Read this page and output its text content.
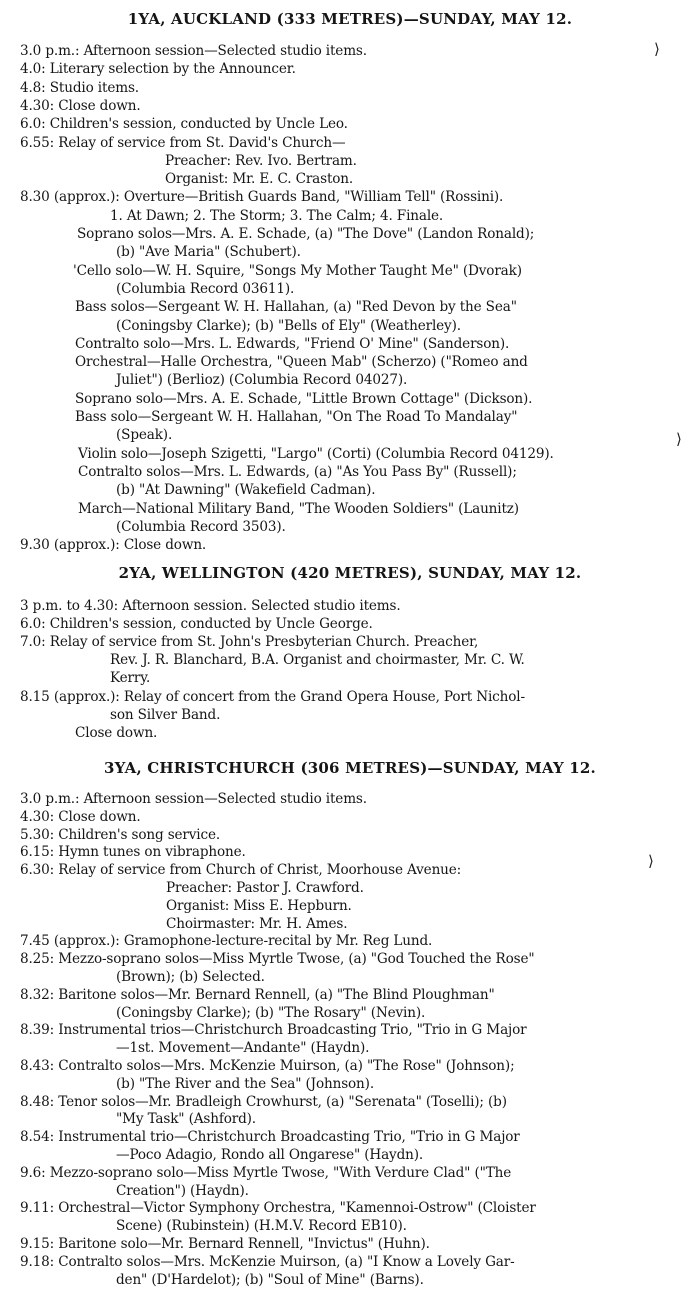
1YA, AUCKLAND (333 METRES)—SUNDAY, MAY 12.
2YA, WELLINGTON (420 METRES), SUNDAY, MAY 12.
3YA, CHRISTCHURCH (306 METRES)—SUNDAY, MAY 12.
3.0 p.m.: Afternoon session—Selected studio items.
4.0: Literary selection by the Announcer.
4.8: Studio items.
4.30: Close down.
6.0: Children's session, conducted by Uncle Leo.
6.55: Relay of service from St. David's Church—
Preacher: Rev. Ivo. Bertram.
Organist: Mr. E. C. Craston.
8.30 (approx.): Overture—British Guards Band, "William Tell" (Rossini).
1. At Dawn; 2. The Storm; 3. The Calm; 4. Finale.
Soprano solos—Mrs. A. E. Schade, (a) "The Dove" (Landon Ronald);
(b) "Ave Maria" (Schubert).
'Cello solo—W. H. Squire, "Songs My Mother Taught Me" (Dvorak)
(Columbia Record 03611).
Bass solos—Sergeant W. H. Hallahan, (a) "Red Devon by the Sea"
(Coningsby Clarke); (b) "Bells of Ely" (Weatherley).
Contralto solo—Mrs. L. Edwards, "Friend O' Mine" (Sanderson).
Orchestral—Halle Orchestra, "Queen Mab" (Scherzo) ("Romeo and
Juliet") (Berlioz) (Columbia Record 04027).
Soprano solo—Mrs. A. E. Schade, "Little Brown Cottage" (Dickson).
Bass solo—Sergeant W. H. Hallahan, "On The Road To Mandalay"
(Speak).
Violin solo—Joseph Szigetti, "Largo" (Corti) (Columbia Record 04129).
Contralto solos—Mrs. L. Edwards, (a) "As You Pass By" (Russell);
(b) "At Dawning" (Wakefield Cadman).
March—National Military Band, "The Wooden Soldiers" (Launitz)
(Columbia Record 3503).
9.30 (approx.): Close down.
3 p.m. to 4.30: Afternoon session. Selected studio items.
6.0: Children's session, conducted by Uncle George.
7.0: Relay of service from St. John's Presbyterian Church. Preacher,
Rev. J. R. Blanchard, B.A. Organist and choirmaster, Mr. C. W.
Kerry.
8.15 (approx.): Relay of concert from the Grand Opera House, Port Nichol-
son Silver Band.
Close down.
3.0 p.m.: Afternoon session—Selected studio items.
4.30: Close down.
5.30: Children's song service.
6.15: Hymn tunes on vibraphone.
6.30: Relay of service from Church of Christ, Moorhouse Avenue:
Preacher: Pastor J. Crawford.
Organist: Miss E. Hepburn.
Choirmaster: Mr. H. Ames.
7.45 (approx.): Gramophone-lecture-recital by Mr. Reg Lund.
8.25: Mezzo-soprano solos—Miss Myrtle Twose, (a) "God Touched the Rose"
(Brown); (b) Selected.
8.32: Baritone solos—Mr. Bernard Rennell, (a) "The Blind Ploughman"
(Coningsby Clarke); (b) "The Rosary" (Nevin).
8.39: Instrumental trios—Christchurch Broadcasting Trio, "Trio in G Major
—1st. Movement—Andante" (Haydn).
8.43: Contralto solos—Mrs. McKenzie Muirson, (a) "The Rose" (Johnson);
(b) "The River and the Sea" (Johnson).
8.48: Tenor solos—Mr. Bradleigh Crowhurst, (a) "Serenata" (Toselli); (b)
"My Task" (Ashford).
8.54: Instrumental trio—Christchurch Broadcasting Trio, "Trio in G Major
—Poco Adagio, Rondo all Ongarese" (Haydn).
9.6: Mezzo-soprano solo—Miss Myrtle Twose, "With Verdure Clad" ("The
Creation") (Haydn).
9.11: Orchestral—Victor Symphony Orchestra, "Kamennoi-Ostrow" (Cloister
Scene) (Rubinstein) (H.M.V. Record EB10).
9.15: Baritone solo—Mr. Bernard Rennell, "Invictus" (Huhn).
9.18: Contralto solos—Mrs. McKenzie Muirson, (a) "I Know a Lovely Gar-
den" (D'Hardelot); (b) "Soul of Mine" (Barns).
⟩
⟩
⟩
